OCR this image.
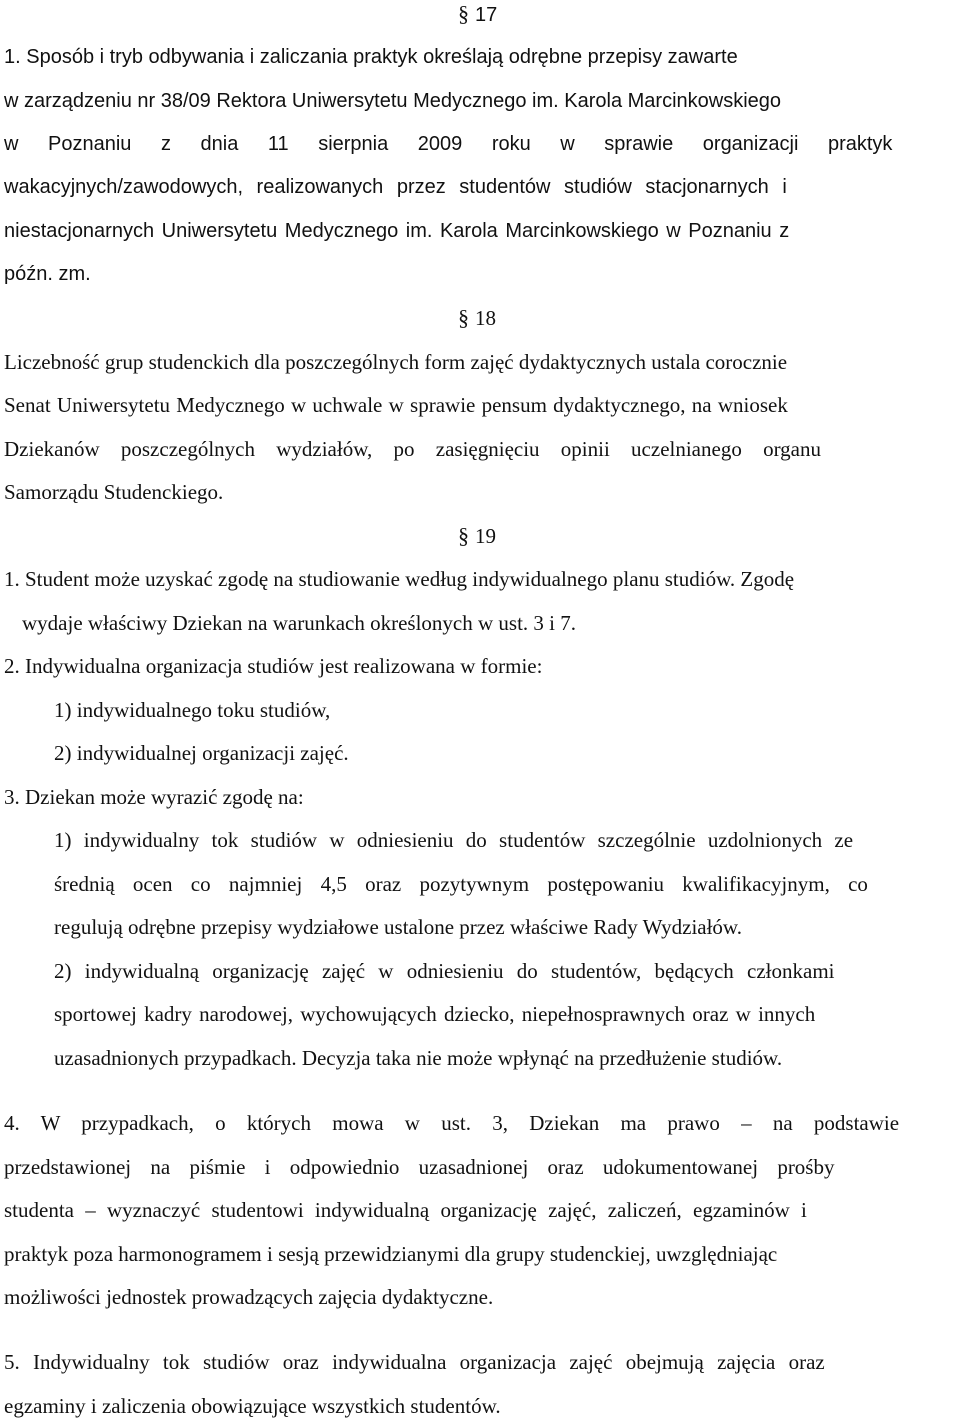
§ 17
1. Sposób i tryb odbywania i zaliczania praktyk określają odrębne przepisy zawarte
w zarządzeniu nr 38/09 Rektora Uniwersytetu Medycznego im. Karola Marcinkowskiego
w Poznaniu z dnia 11 sierpnia 2009 roku w sprawie organizacji praktyk
wakacyjnych/zawodowych, realizowanych przez studentów studiów stacjonarnych i
niestacjonarnych Uniwersytetu Medycznego im. Karola Marcinkowskiego w Poznaniu z
późn. zm.
§ 18
Liczebność grup studenckich dla poszczególnych form zajęć dydaktycznych ustala corocznie
Senat Uniwersytetu Medycznego w uchwale w sprawie pensum dydaktycznego, na wniosek
Dziekanów poszczególnych wydziałów, po zasięgnięciu opinii uczelnianego organu
Samorządu Studenckiego.
§ 19
1. Student może uzyskać zgodę na studiowanie według indywidualnego planu studiów. Zgodę
wydaje właściwy Dziekan na warunkach określonych w ust. 3 i 7.
2. Indywidualna organizacja studiów jest realizowana w formie:
1) indywidualnego toku studiów,
2) indywidualnej organizacji zajęć.
3. Dziekan może wyrazić zgodę na:
1) indywidualny tok studiów w odniesieniu do studentów szczególnie uzdolnionych ze
średnią ocen co najmniej 4,5 oraz pozytywnym postępowaniu kwalifikacyjnym, co
regulują odrębne przepisy wydziałowe ustalone przez właściwe Rady Wydziałów.
2) indywidualną organizację zajęć w odniesieniu do studentów, będących członkami
sportowej kadry narodowej, wychowujących dziecko, niepełnosprawnych oraz w innych
uzasadnionych przypadkach. Decyzja taka nie może wpłynąć na przedłużenie studiów.
4. W przypadkach, o których mowa w ust. 3, Dziekan ma prawo – na podstawie
przedstawionej na piśmie i odpowiednio uzasadnionej oraz udokumentowanej prośby
studenta – wyznaczyć studentowi indywidualną organizację zajęć, zaliczeń, egzaminów i
praktyk poza harmonogramem i sesją przewidzianymi dla grupy studenckiej, uwzględniając
możliwości jednostek prowadzących zajęcia dydaktyczne.
5. Indywidualny tok studiów oraz indywidualna organizacja zajęć obejmują zajęcia oraz
egzaminy i zaliczenia obowiązujące wszystkich studentów.
